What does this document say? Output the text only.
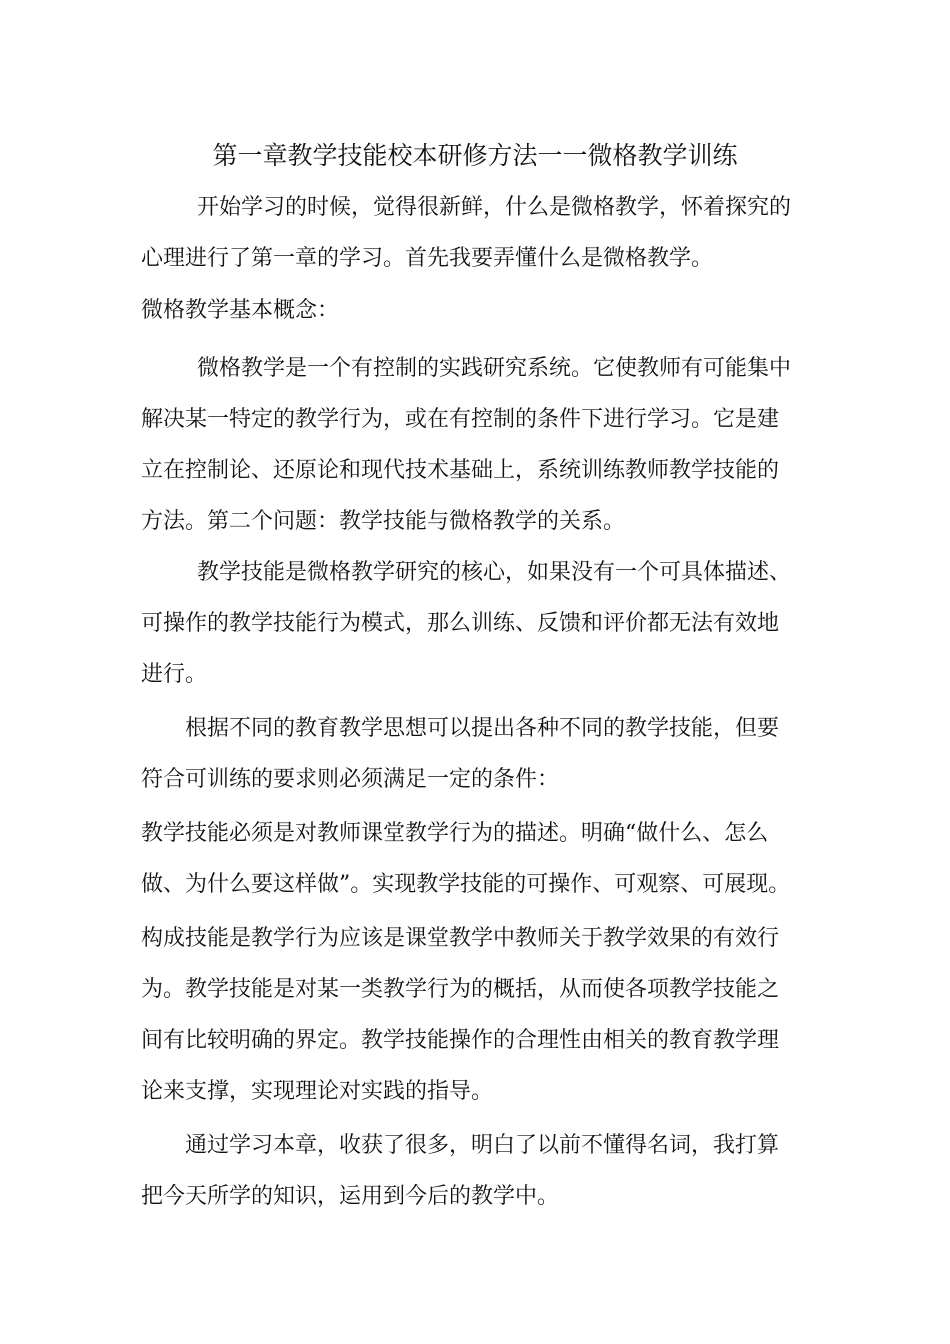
第一章教学技能校本研修方法一一微格教学训练
开始学习的时候，觉得很新鲜，什么是微格教学，怀着探究的
心理进行了第一章的学习。首先我要弄懂什么是微格教学。
微格教学基本概念：
微格教学是一个有控制的实践研究系统。它使教师有可能集中
解决某一特定的教学行为，或在有控制的条件下进行学习。它是建
立在控制论、还原论和现代技术基础上，系统训练教师教学技能的
方法。第二个问题：教学技能与微格教学的关系。
教学技能是微格教学研究的核心，如果没有一个可具体描述、
可操作的教学技能行为模式，那么训练、反馈和评价都无法有效地
进行。
根据不同的教育教学思想可以提出各种不同的教学技能，但要
符合可训练的要求则必须满足一定的条件：
教学技能必须是对教师课堂教学行为的描述。明确“做什么、怎么
做、为什么要这样做”。实现教学技能的可操作、可观察、可展现。
构成技能是教学行为应该是课堂教学中教师关于教学效果的有效行
为。教学技能是对某一类教学行为的概括，从而使各项教学技能之
间有比较明确的界定。教学技能操作的合理性由相关的教育教学理
论来支撑，实现理论对实践的指导。
通过学习本章，收获了很多，明白了以前不懂得名词，我打算
把今天所学的知识，运用到今后的教学中。
